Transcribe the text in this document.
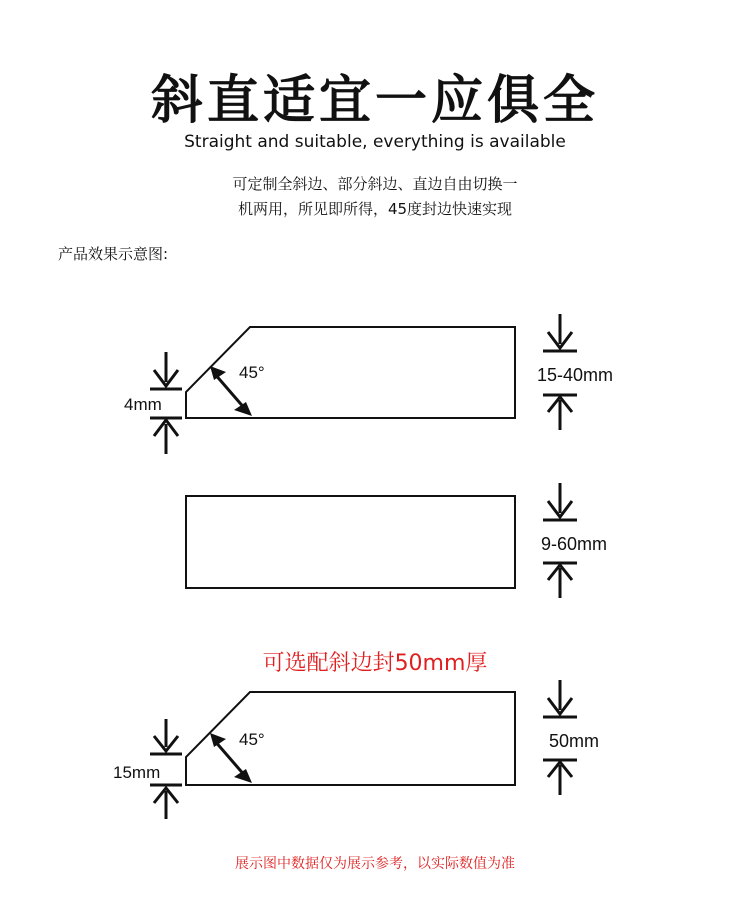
斜直适宜一应俱全
Straight and suitable, everything is available
可定制全斜边、部分斜边、直边自由切换一
机两用，所见即所得，45度封边快速实现
产品效果示意图:
45°
4mm
15-40mm
9-60mm
45°
15mm
50mm
可选配斜边封50mm厚
展示图中数据仅为展示参考，以实际数值为准
